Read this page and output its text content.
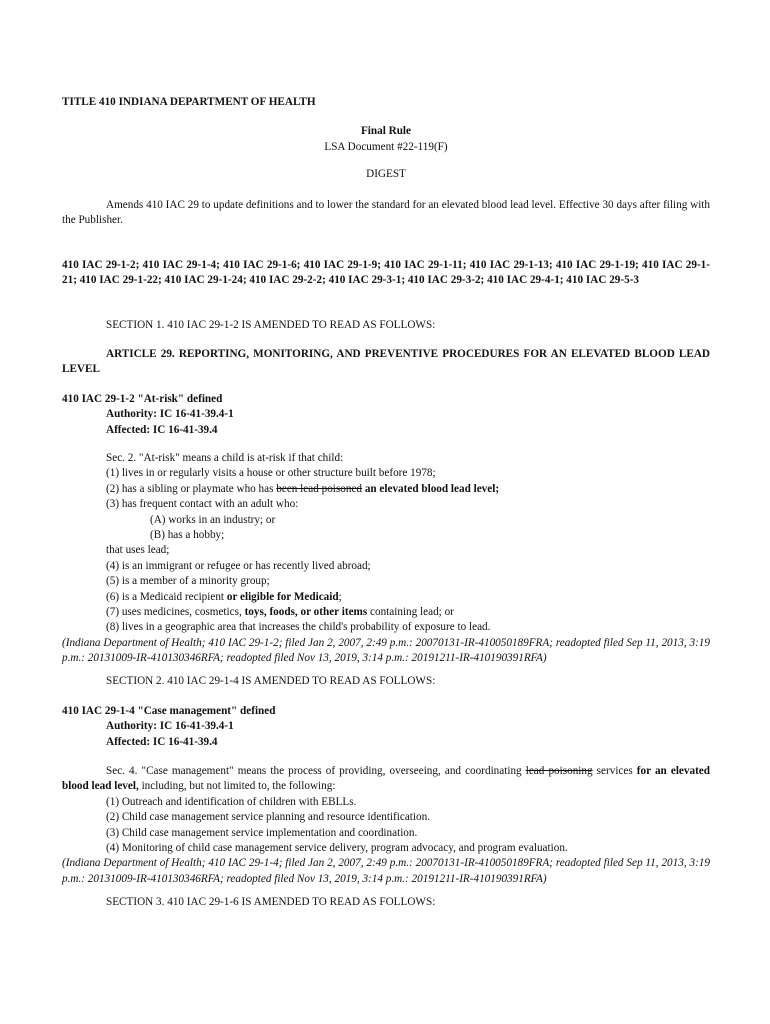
TITLE 410 INDIANA DEPARTMENT OF HEALTH

Final Rule

LSA Document #22-119(F)

DIGEST

Amends 410 IAC 29 to update definitions and to lower the standard for an elevated blood lead level. Effective 30 days after filing with the Publisher.

410 IAC 29-1-2; 410 IAC 29-1-4; 410 IAC 29-1-6; 410 IAC 29-1-9; 410 IAC 29-1-11; 410 IAC 29-1-13; 410 IAC 29-1-19; 410 IAC 29-1-21; 410 IAC 29-1-22; 410 IAC 29-1-24; 410 IAC 29-2-2; 410 IAC 29-3-1; 410 IAC 29-3-2; 410 IAC 29-4-1; 410 IAC 29-5-3

SECTION 1. 410 IAC 29-1-2 IS AMENDED TO READ AS FOLLOWS:

ARTICLE 29. REPORTING, MONITORING, AND PREVENTIVE PROCEDURES FOR AN ELEVATED BLOOD LEAD LEVEL

410 IAC 29-1-2 "At-risk" defined

Authority: IC 16-41-39.4-1

Affected: IC 16-41-39.4

Sec. 2. "At-risk" means a child is at-risk if that child:

(1) lives in or regularly visits a house or other structure built before 1978;

(2) has a sibling or playmate who has been lead poisoned an elevated blood lead level;

(3) has frequent contact with an adult who:

(A) works in an industry; or

(B) has a hobby;

that uses lead;

(4) is an immigrant or refugee or has recently lived abroad;

(5) is a member of a minority group;

(6) is a Medicaid recipient or eligible for Medicaid;

(7) uses medicines, cosmetics, toys, foods, or other items containing lead; or

(8) lives in a geographic area that increases the child's probability of exposure to lead.

(Indiana Department of Health; 410 IAC 29-1-2; filed Jan 2, 2007, 2:49 p.m.: 20070131-IR-410050189FRA; readopted filed Sep 11, 2013, 3:19 p.m.: 20131009-IR-410130346RFA; readopted filed Nov 13, 2019, 3:14 p.m.: 20191211-IR-410190391RFA)

SECTION 2. 410 IAC 29-1-4 IS AMENDED TO READ AS FOLLOWS:

410 IAC 29-1-4 "Case management" defined

Authority: IC 16-41-39.4-1

Affected: IC 16-41-39.4

Sec. 4. "Case management" means the process of providing, overseeing, and coordinating lead poisoning services for an elevated blood lead level, including, but not limited to, the following:

(1) Outreach and identification of children with EBLLs.

(2) Child case management service planning and resource identification.

(3) Child case management service implementation and coordination.

(4) Monitoring of child case management service delivery, program advocacy, and program evaluation.

(Indiana Department of Health; 410 IAC 29-1-4; filed Jan 2, 2007, 2:49 p.m.: 20070131-IR-410050189FRA; readopted filed Sep 11, 2013, 3:19 p.m.: 20131009-IR-410130346RFA; readopted filed Nov 13, 2019, 3:14 p.m.: 20191211-IR-410190391RFA)

SECTION 3. 410 IAC 29-1-6 IS AMENDED TO READ AS FOLLOWS:
